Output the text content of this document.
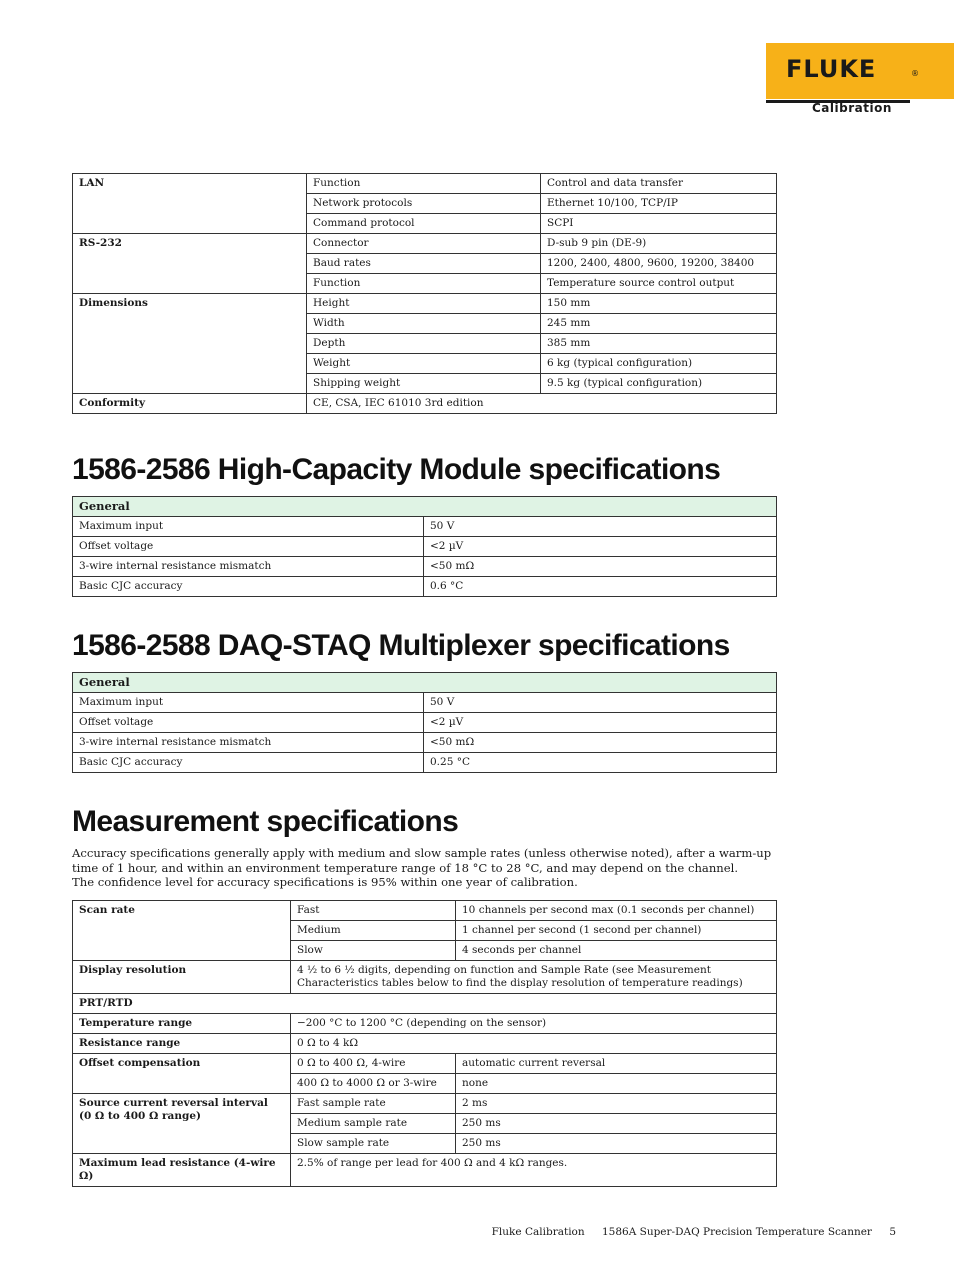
FLUKE	®
Calibration
LAN	Function	Control and data transfer
	Network protocols	Ethernet 10/100, TCP/IP
	Command protocol	SCPI
RS-232	Connector	D-sub 9 pin (DE-9)
	Baud rates	1200, 2400, 4800, 9600, 19200, 38400
	Function	Temperature source control output
Dimensions	Height	150 mm
	Width	245 mm
	Depth	385 mm
	Weight	6 kg (typical configuration)
	Shipping weight	9.5 kg (typical configuration)
Conformity	CE, CSA, IEC 61010 3rd edition	
1586-2586 High-Capacity Module specifications
General	
Maximum input	50 V
Offset voltage	<2 µV
3-wire internal resistance mismatch	<50 mΩ
Basic CJC accuracy	0.6 °C
1586-2588 DAQ-STAQ Multiplexer specifications
General	
Maximum input	50 V
Offset voltage	<2 µV
3-wire internal resistance mismatch	<50 mΩ
Basic CJC accuracy	0.25 °C
Measurement specifications

Accuracy specifications generally apply with medium and slow sample rates (unless otherwise noted), after a warm-up time of 1 hour, and within an environment temperature range of 18 °C to 28 °C, and may depend on the channel.

The confidence level for accuracy specifications is 95% within one year of calibration.

Scan rate	Fast	10 channels per second max (0.1 seconds per channel)
	Medium	1 channel per second (1 second per channel)
	Slow	4 seconds per channel
Display resolution	4 ½ to 6 ½ digits, depending on function and Sample Rate (see Measurement Characteristics tables below to find the display resolution of temperature readings)	
PRT/RTD		
Temperature range	−200 °C to 1200 °C (depending on the sensor)	
Resistance range	0 Ω to 4 kΩ	
Offset compensation	0 Ω to 400 Ω, 4-wire	automatic current reversal
	400 Ω to 4000 Ω or 3-wire	none

Source current reversal interval
(0 Ω to 400 Ω range)	Fast sample rate	2 ms
	Medium sample rate	250 ms
	Slow sample rate	250 ms
Maximum lead resistance (4-wire Ω)	2.5% of range per lead for 400 Ω and 4 kΩ ranges.	
Fluke Calibration 1586A Super-DAQ Precision Temperature Scanner 5
